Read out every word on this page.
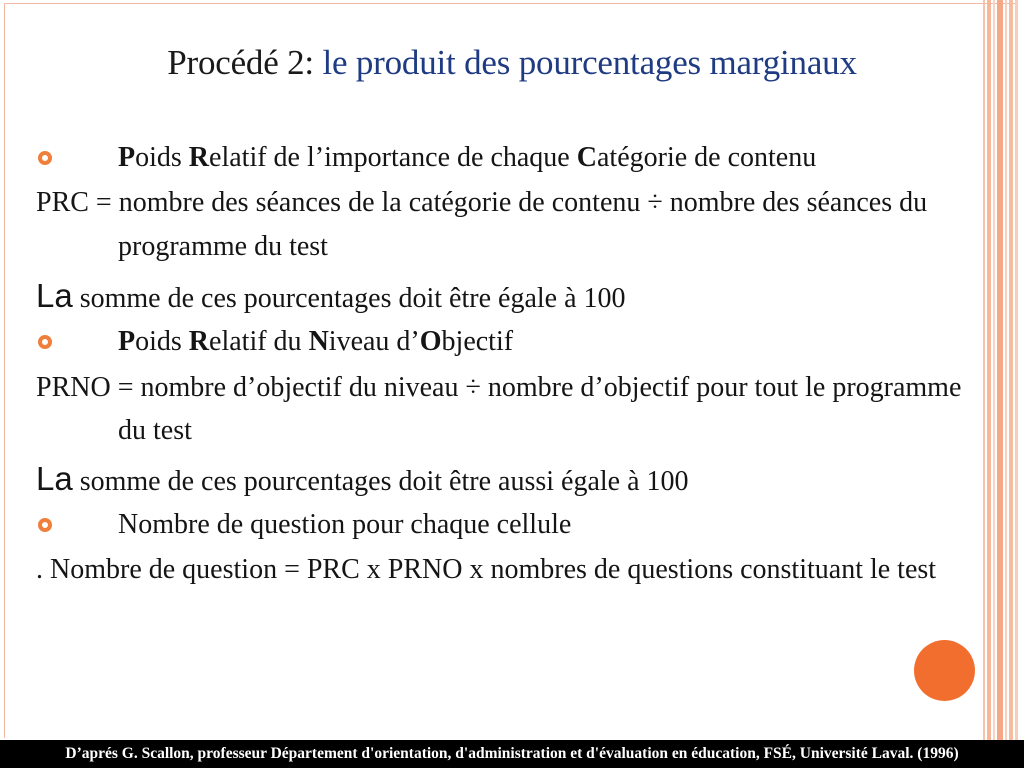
Procédé 2: le produit des pourcentages marginaux
Poids Relatif de l’importance de chaque Catégorie de contenu
PRC = nombre des séances de la catégorie de contenu ÷ nombre des séances du programme du test
La somme de ces pourcentages doit être égale à 100
Poids Relatif du Niveau d’Objectif
PRNO = nombre d’objectif du niveau ÷ nombre d’objectif pour tout le programme du test
La somme de ces pourcentages doit être aussi égale à 100
Nombre de question pour chaque cellule
. Nombre de question = PRC x PRNO x nombres de questions constituant le test
D’aprés G. Scallon, professeur Département d'orientation, d'administration et d'évaluation en éducation, FSÉ, Université Laval. (1996)
